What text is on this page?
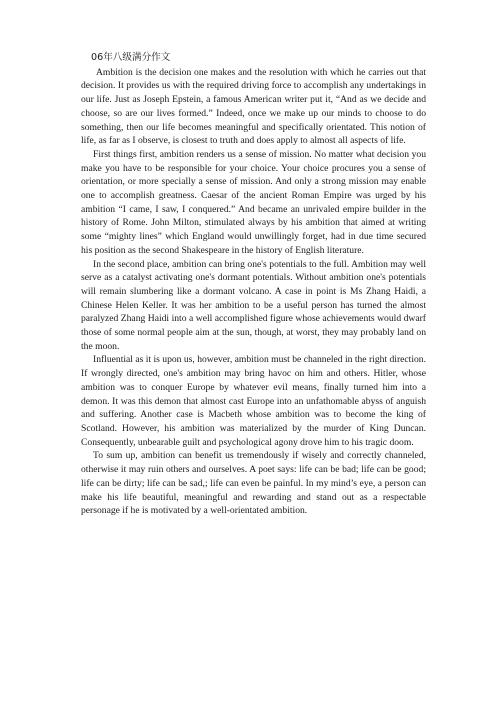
06年八级满分作文

Ambition is the decision one makes and the resolution with which he carries out that decision. It provides us with the required driving force to accomplish any undertakings in our life. Just as Joseph Epstein, a famous American writer put it, “And as we decide and choose, so are our lives formed.” Indeed, once we make up our minds to choose to do something, then our life becomes meaningful and specifically orientated. This notion of life, as far as I observe, is closest to truth and does apply to almost all aspects of life.

First things first, ambition renders us a sense of mission. No matter what decision you make you have to be responsible for your choice. Your choice procures you a sense of orientation, or more specially a sense of mission. And only a strong mission may enable one to accomplish greatness. Caesar of the ancient Roman Empire was urged by his ambition “I came, I saw, I conquered.” And became an unrivaled empire builder in the history of Rome. John Milton, stimulated always by his ambition that aimed at writing some “mighty lines” which England would unwillingly forget, had in due time secured his position as the second Shakespeare in the history of English literature.

In the second place, ambition can bring one's potentials to the full. Ambition may well serve as a catalyst activating one's dormant potentials. Without ambition one's potentials will remain slumbering like a dormant volcano. A case in point is Ms Zhang Haidi, a Chinese Helen Keller. It was her ambition to be a useful person has turned the almost paralyzed Zhang Haidi into a well accomplished figure whose achievements would dwarf those of some normal people aim at the sun, though, at worst, they may probably land on the moon.

Influential as it is upon us, however, ambition must be channeled in the right direction. If wrongly directed, one's ambition may bring havoc on him and others. Hitler, whose ambition was to conquer Europe by whatever evil means, finally turned him into a demon. It was this demon that almost cast Europe into an unfathomable abyss of anguish and suffering. Another case is Macbeth whose ambition was to become the king of Scotland. However, his ambition was materialized by the murder of King Duncan. Consequently, unbearable guilt and psychological agony drove him to his tragic doom.

To sum up, ambition can benefit us tremendously if wisely and correctly channeled, otherwise it may ruin others and ourselves. A poet says: life can be bad; life can be good; life can be dirty; life can be sad,; life can even be painful. In my mind’s eye, a person can make his life beautiful, meaningful and rewarding and stand out as a respectable personage if he is motivated by a well-orientated ambition.
